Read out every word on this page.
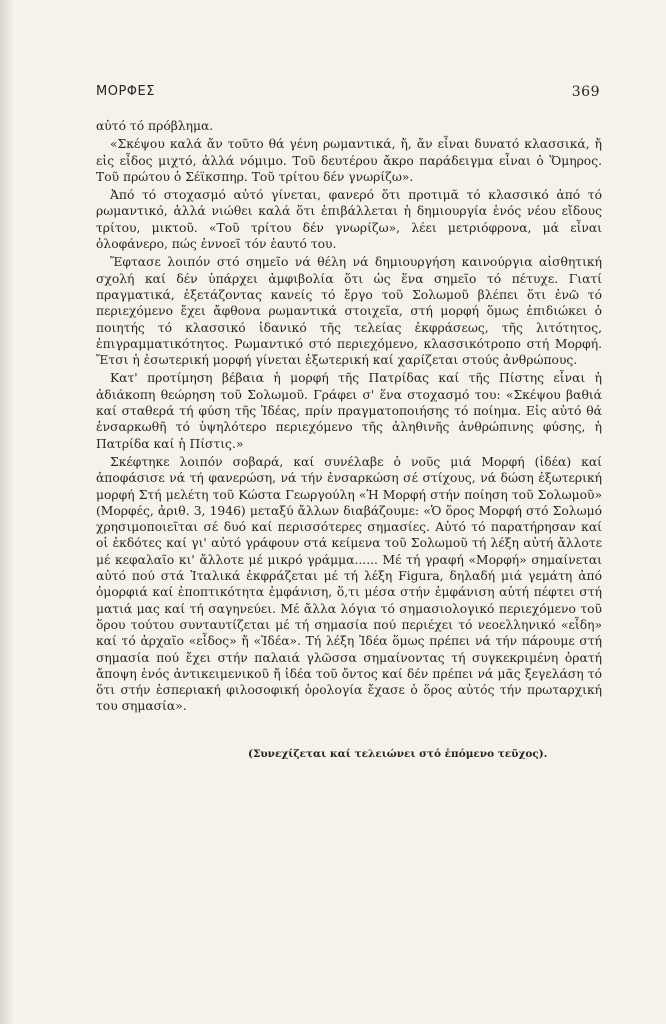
ΜΟΡΦΕΣ	369

αὐτό τό πρόβλημα.

«Σκέψου καλά ἄν τοῦτο θά γένη ρωμαντικά, ἤ, ἄν εἶναι δυνατό κλασσικά, ἤ εἰς εἶδος μιχτό, ἀλλά νόμιμο. Τοῦ δευτέρου ἄκρο παράδειγμα εἶναι ὁ Ὅμηρος. Τοῦ πρώτου ὁ Σέϊκσπηρ. Τοῦ τρίτου δέν γνωρίζω».

Ἀπό τό στοχασμό αὐτό γίνεται, φανερό ὅτι προτιμᾶ τό κλασσικό ἀπό τό ρωμαντικό, ἀλλά νιώθει καλά ὅτι ἐπιβάλλεται ἡ δημιουργία ἑνός νέου εἴδους τρίτου, μικτοῦ. «Τοῦ τρίτου δέν γνωρίζω», λέει μετριόφρονα, μά εἶναι ὁλοφάνερο, πώς ἐννοεῖ τόν ἑαυτό του.

Ἔφτασε λοιπόν στό σημεῖο νά θέλη νά δημιουργήση καινούργια αἰσθητική σχολή καί δέν ὑπάρχει ἀμφιβολία ὅτι ὡς ἕνα σημεῖο τό πέτυχε. Γιατί πραγματικά, ἐξετάζοντας κανείς τό ἔργο τοῦ Σολωμοῦ βλέπει ὅτι ἐνῶ τό περιεχόμενο ἔχει ἄφθονα ρωμαντικά στοιχεῖα, στή μορφή ὅμως ἐπιδιώκει ὁ ποιητής τό κλασσικό ἰδανικό τῆς τελείας ἐκφράσεως, τῆς λιτότητος, ἐπιγραμματικότητος. Ρωμαντικό στό περιεχόμενο, κλασσικότροπο στή Μορφή. Ἔτσι ἡ ἐσωτερική μορφή γίνεται ἐξωτερική καί χαρίζεται στούς ἀνθρώπους.

Κατ' προτίμηση βέβαια ἡ μορφή τῆς Πατρίδας καί τῆς Πίστης εἶναι ἡ ἀδιάκοπη θεώρηση τοῦ Σολωμοῦ. Γράφει σ' ἕνα στοχασμό του: «Σκέψου βαθιά καί σταθερά τή φύση τῆς Ἰδέας, πρίν πραγματοποιήσης τό ποίημα. Εἰς αὐτό θά ἐνσαρκωθῆ τό ὑψηλότερο περιεχόμενο τῆς ἀληθινῆς ἀνθρώπινης φύσης, ἡ Πατρίδα καί ἡ Πίστις.»

Σκέφτηκε λοιπόν σοβαρά, καί συνέλαβε ὁ νοῦς μιά Μορφή (ἰδέα) καί ἀποφάσισε νά τή φανερώση, νά τήν ἐνσαρκώση σέ στίχους, νά δώση ἐξωτερική μορφή Στή μελέτη τοῦ Κώστα Γεωργούλη «Ἡ Μορφή στήν ποίηση τοῦ Σολωμοῦ» (Μορφές, ἀριθ. 3, 1946) μεταξύ ἄλλων διαβάζουμε: «Ὁ ὅρος Μορφή στό Σολωμό χρησιμοποιεῖται σέ δυό καί περισσότερες σημασίες. Αὐτό τό παρατήρησαν καί οἱ ἐκδότες καί γι' αὐτό γράφουν στά κείμενα τοῦ Σολωμοῦ τή λέξη αὐτή ἄλλοτε μέ κεφαλαῖο κι' ἄλλοτε μέ μικρό γράμμα...... Μέ τή γραφή «Μορφή» σημαίνεται αὐτό πού στά Ἰταλικά ἐκφράζεται μέ τή λέξη Figura, δηλαδή μιά γεμάτη ἀπό ὀμορφιά καί ἐποπτικότητα ἐμφάνιση, ὅ,τι μέσα στήν ἐμφάνιση αὐτή πέφτει στή ματιά μας καί τή σαγηνεύει. Μέ ἄλλα λόγια τό σημασιολογικό περιεχόμενο τοῦ ὅρου τούτου συνταυτίζεται μέ τή σημασία πού περιέχει τό νεοελληνικό «εἶδη» καί τό ἀρχαῖο «εἶδος» ἤ «Ἰδέα». Τή λέξη Ἰδέα ὅμως πρέπει νά τήν πάρουμε στή σημασία πού ἔχει στήν παλαιά γλῶσσα σημαίνοντας τή συγκεκριμένη ὁρατή ἄποψη ἑνός ἀντικειμενικοῦ ἤ ἰδέα τοῦ ὄντος καί δέν πρέπει νά μᾶς ξεγελάση τό ὅτι στήν ἑσπεριακή φιλοσοφική ὁρολογία ἔχασε ὁ ὅρος αὐτός τήν πρωταρχική του σημασία».

(Συνεχίζεται καί τελειώνει στό ἑπόμενο τεῦχος).
